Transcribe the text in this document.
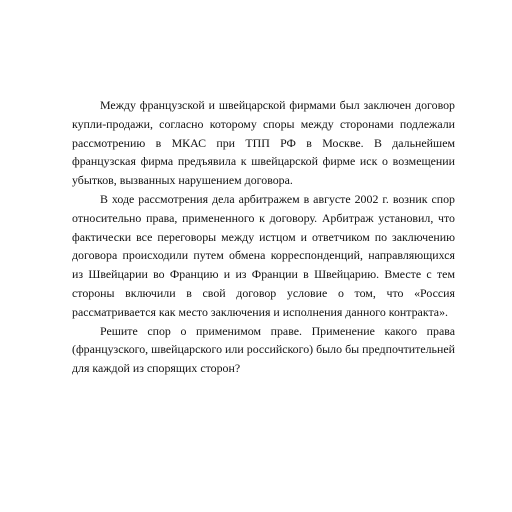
Между французской и швейцарской фирмами был заключен договор купли-продажи, согласно которому споры между сторонами подлежали рассмотрению в МКАС при ТПП РФ в Москве. В дальнейшем французская фирма предъявила к швейцарской фирме иск о возмещении убытков, вызванных нарушением договора.

В ходе рассмотрения дела арбитражем в августе 2002 г. возник спор относительно права, примененного к договору. Арбитраж установил, что фактически все переговоры между истцом и ответчиком по заключению договора происходили путем обмена корреспонденций, направляющихся из Швейцарии во Францию и из Франции в Швейцарию. Вместе с тем стороны включили в свой договор условие о том, что «Россия рассматривается как место заключения и исполнения данного контракта».

Решите спор о применимом праве. Применение какого права (французского, швейцарского или российского) было бы предпочтительней для каждой из спорящих сторон?
